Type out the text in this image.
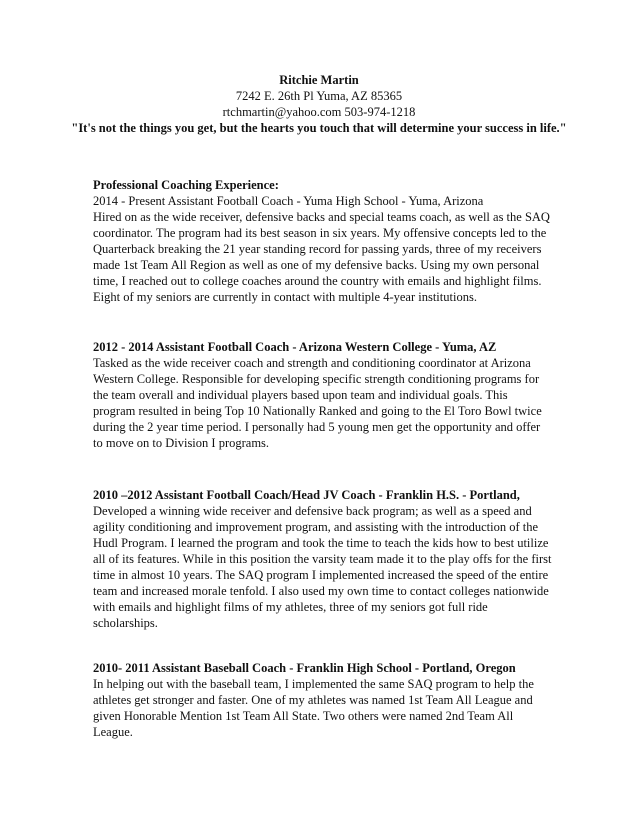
Ritchie Martin
7242 E. 26th Pl Yuma, AZ 85365
rtchmartin@yahoo.com 503-974-1218
"It's not the things you get, but the hearts you touch that will determine your success in life."
Professional Coaching Experience:
2014 - Present Assistant Football Coach - Yuma High School - Yuma, Arizona

Hired on as the wide receiver, defensive backs and special teams coach, as well as the SAQ coordinator. The program had its best season in six years. My offensive concepts led to the Quarterback breaking the 21 year standing record for passing yards, three of my receivers made 1st Team All Region as well as one of my defensive backs. Using my own personal time, I reached out to college coaches around the country with emails and highlight films. Eight of my seniors are currently in contact with multiple 4-year institutions.

2012 - 2014 Assistant Football Coach - Arizona Western College - Yuma, AZ

Tasked as the wide receiver coach and strength and conditioning coordinator at Arizona Western College. Responsible for developing specific strength conditioning programs for the team overall and individual players based upon team and individual goals. This program resulted in being Top 10 Nationally Ranked and going to the El Toro Bowl twice during the 2 year time period. I personally had 5 young men get the opportunity and offer to move on to Division I programs.

2010 –2012 Assistant Football Coach/Head JV Coach - Franklin H.S. - Portland,

Developed a winning wide receiver and defensive back program; as well as a speed and agility conditioning and improvement program, and assisting with the introduction of the Hudl Program. I learned the program and took the time to teach the kids how to best utilize all of its features. While in this position the varsity team made it to the play offs for the first time in almost 10 years. The SAQ program I implemented increased the speed of the entire team and increased morale tenfold. I also used my own time to contact colleges nationwide with emails and highlight films of my athletes, three of my seniors got full ride scholarships.

2010- 2011 Assistant Baseball Coach - Franklin High School - Portland, Oregon

In helping out with the baseball team, I implemented the same SAQ program to help the athletes get stronger and faster. One of my athletes was named 1st Team All League and given Honorable Mention 1st Team All State. Two others were named 2nd Team All League.
